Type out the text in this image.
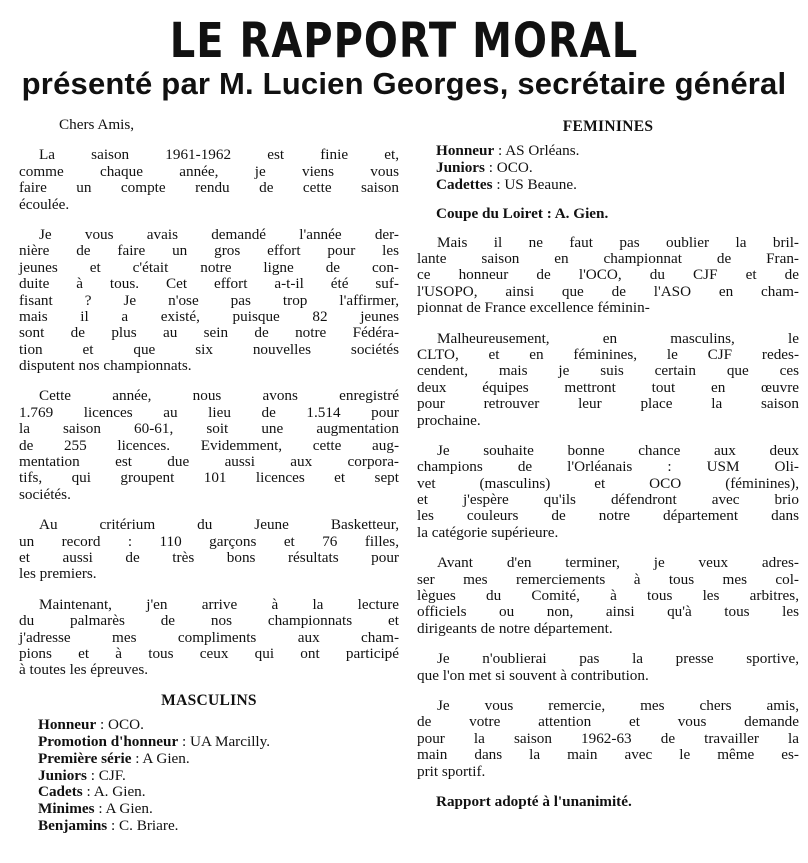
LE RAPPORT MORAL
présenté par M. Lucien Georges, secrétaire général
Chers Amis,
La saison 1961-1962 est finie et,
comme chaque année, je viens vous
faire un compte rendu de cette saison
écoulée.
Je vous avais demandé l'année der-
nière de faire un gros effort pour les
jeunes et c'était notre ligne de con-
duite à tous. Cet effort a-t-il été suf-
fisant ? Je n'ose pas trop l'affirmer,
mais il a existé, puisque 82 jeunes
sont de plus au sein de notre Fédéra-
tion et que six nouvelles sociétés
disputent nos championnats.
Cette année, nous avons enregistré
1.769 licences au lieu de 1.514 pour
la saison 60-61, soit une augmentation
de 255 licences. Evidemment, cette aug-
mentation est due aussi aux corpora-
tifs, qui groupent 101 licences et sept
sociétés.
Au critérium du Jeune Basketteur,
un record : 110 garçons et 76 filles,
et aussi de très bons résultats pour
les premiers.
Maintenant, j'en arrive à la lecture
du palmarès de nos championnats et
j'adresse mes compliments aux cham-
pions et à tous ceux qui ont participé
à toutes les épreuves.
MASCULINS
Honneur : OCO.
Promotion d'honneur : UA Marcilly.
Première série : A Gien.
Juniors : CJF.
Cadets : A. Gien.
Minimes : A Gien.
Benjamins : C. Briare.
FEMININES
Honneur : AS Orléans.
Juniors : OCO.
Cadettes : US Beaune.
Coupe du Loiret : A. Gien.
Mais il ne faut pas oublier la bril-
lante saison en championnat de Fran-
ce honneur de l'OCO, du CJF et de
l'USOPO, ainsi que de l'ASO en cham-
pionnat de France excellence féminin-
Malheureusement, en masculins, le
CLTO, et en féminines, le CJF redes-
cendent, mais je suis certain que ces
deux équipes mettront tout en œuvre
pour retrouver leur place la saison
prochaine.
Je souhaite bonne chance aux deux
champions de l'Orléanais : USM Oli-
vet (masculins) et OCO (féminines),
et j'espère qu'ils défendront avec brio
les couleurs de notre département dans
la catégorie supérieure.
Avant d'en terminer, je veux adres-
ser mes remerciements à tous mes col-
lègues du Comité, à tous les arbitres,
officiels ou non, ainsi qu'à tous les
dirigeants de notre département.
Je n'oublierai pas la presse sportive,
que l'on met si souvent à contribution.
Je vous remercie, mes chers amis,
de votre attention et vous demande
pour la saison 1962-63 de travailler la
main dans la main avec le même es-
prit sportif.
Rapport adopté à l'unanimité.
